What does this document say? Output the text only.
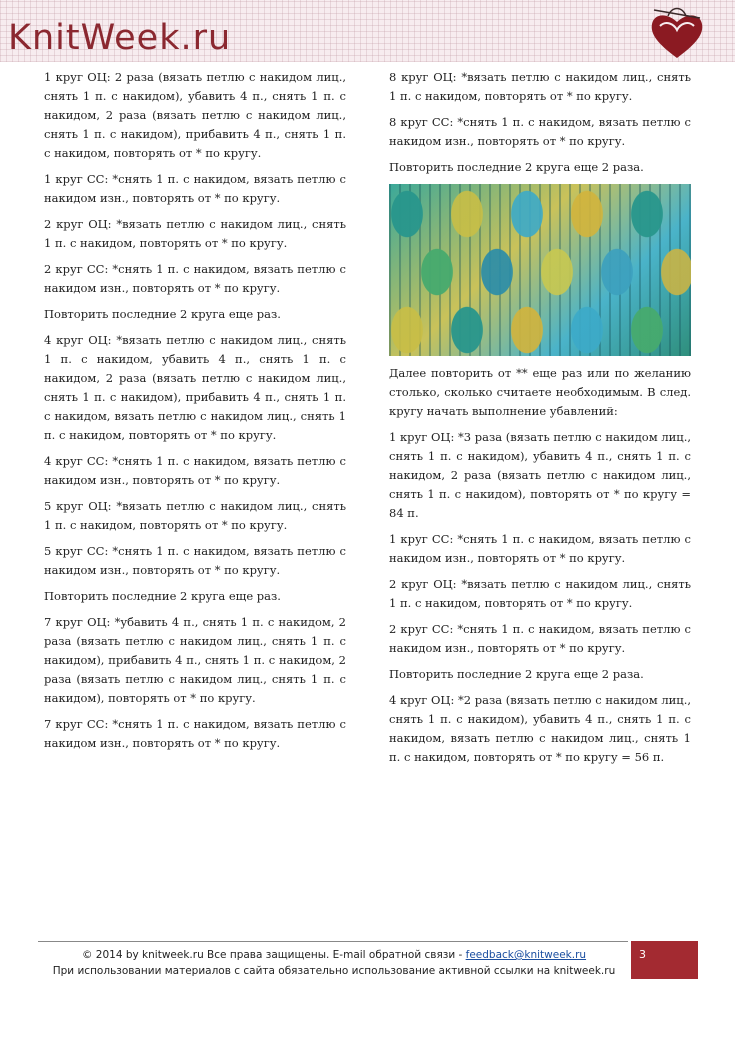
KnitWeek.ru

1 круг ОЦ: 2 раза (вязать петлю с накидом лиц., снять 1 п. с накидом), убавить 4 п., снять 1 п. с накидом, 2 раза (вязать петлю с накидом лиц., снять 1 п. с накидом), прибавить 4 п., снять 1 п. с накидом, повторять от * по кругу.

1 круг СС: *снять 1 п. с накидом, вязать петлю с накидом изн., повторять от * по кругу.

2 круг ОЦ: *вязать петлю с накидом лиц., снять 1 п. с накидом, повторять от * по кругу.

2 круг СС: *снять 1 п. с накидом, вязать петлю с накидом изн., повторять от * по кругу.

Повторить последние 2 круга еще раз.

4 круг ОЦ: *вязать петлю с накидом лиц., снять 1 п. с накидом, убавить 4 п., снять 1 п. с накидом, 2 раза (вязать петлю с накидом лиц., снять 1 п. с накидом), прибавить 4 п., снять 1 п. с накидом, вязать петлю с накидом лиц., снять 1 п. с накидом, повторять от * по кругу.

4 круг СС: *снять 1 п. с накидом, вязать петлю с накидом изн., повторять от * по кругу.

5 круг ОЦ: *вязать петлю с накидом лиц., снять 1 п. с накидом, повторять от * по кругу.

5 круг СС: *снять 1 п. с накидом, вязать петлю с накидом изн., повторять от * по кругу.

Повторить последние 2 круга еще раз.

7 круг ОЦ: *убавить 4 п., снять 1 п. с накидом, 2 раза (вязать петлю с накидом лиц., снять 1 п. с накидом), прибавить 4 п., снять 1 п. с накидом, 2 раза (вязать петлю с накидом лиц., снять 1 п. с накидом), повторять от * по кругу.

7 круг СС: *снять 1 п. с накидом, вязать петлю с накидом изн., повторять от * по кругу.

8 круг ОЦ: *вязать петлю с накидом лиц., снять 1 п. с накидом, повторять от * по кругу.

8 круг СС: *снять 1 п. с накидом, вязать петлю с накидом изн., повторять от * по кругу.

Повторить последние 2 круга еще 2 раза.

Далее повторить от ** еще раз или по желанию столько, сколько считаете необходимым. В след. кругу начать выполнение убавлений:

1 круг ОЦ: *3 раза (вязать петлю с накидом лиц., снять 1 п. с накидом), убавить 4 п., снять 1 п. с накидом, 2 раза (вязать петлю с накидом лиц., снять 1 п. с накидом), повторять от * по кругу = 84 п.

1 круг СС: *снять 1 п. с накидом, вязать петлю с накидом изн., повторять от * по кругу.

2 круг ОЦ: *вязать петлю с накидом лиц., снять 1 п. с накидом, повторять от * по кругу.

2 круг СС: *снять 1 п. с накидом, вязать петлю с накидом изн., повторять от * по кругу.

Повторить последние 2 круга еще 2 раза.

4 круг ОЦ: *2 раза (вязать петлю с накидом лиц., снять 1 п. с накидом), убавить 4 п., снять 1 п. с накидом, вязать петлю с накидом лиц., снять 1 п. с накидом, повторять от * по кругу = 56 п.

© 2014 by knitweek.ru Все права защищены. E-mail обратной связи - feedback@knitweek.ru
При использовании материалов с сайта обязательно использование активной ссылки на knitweek.ru
3
